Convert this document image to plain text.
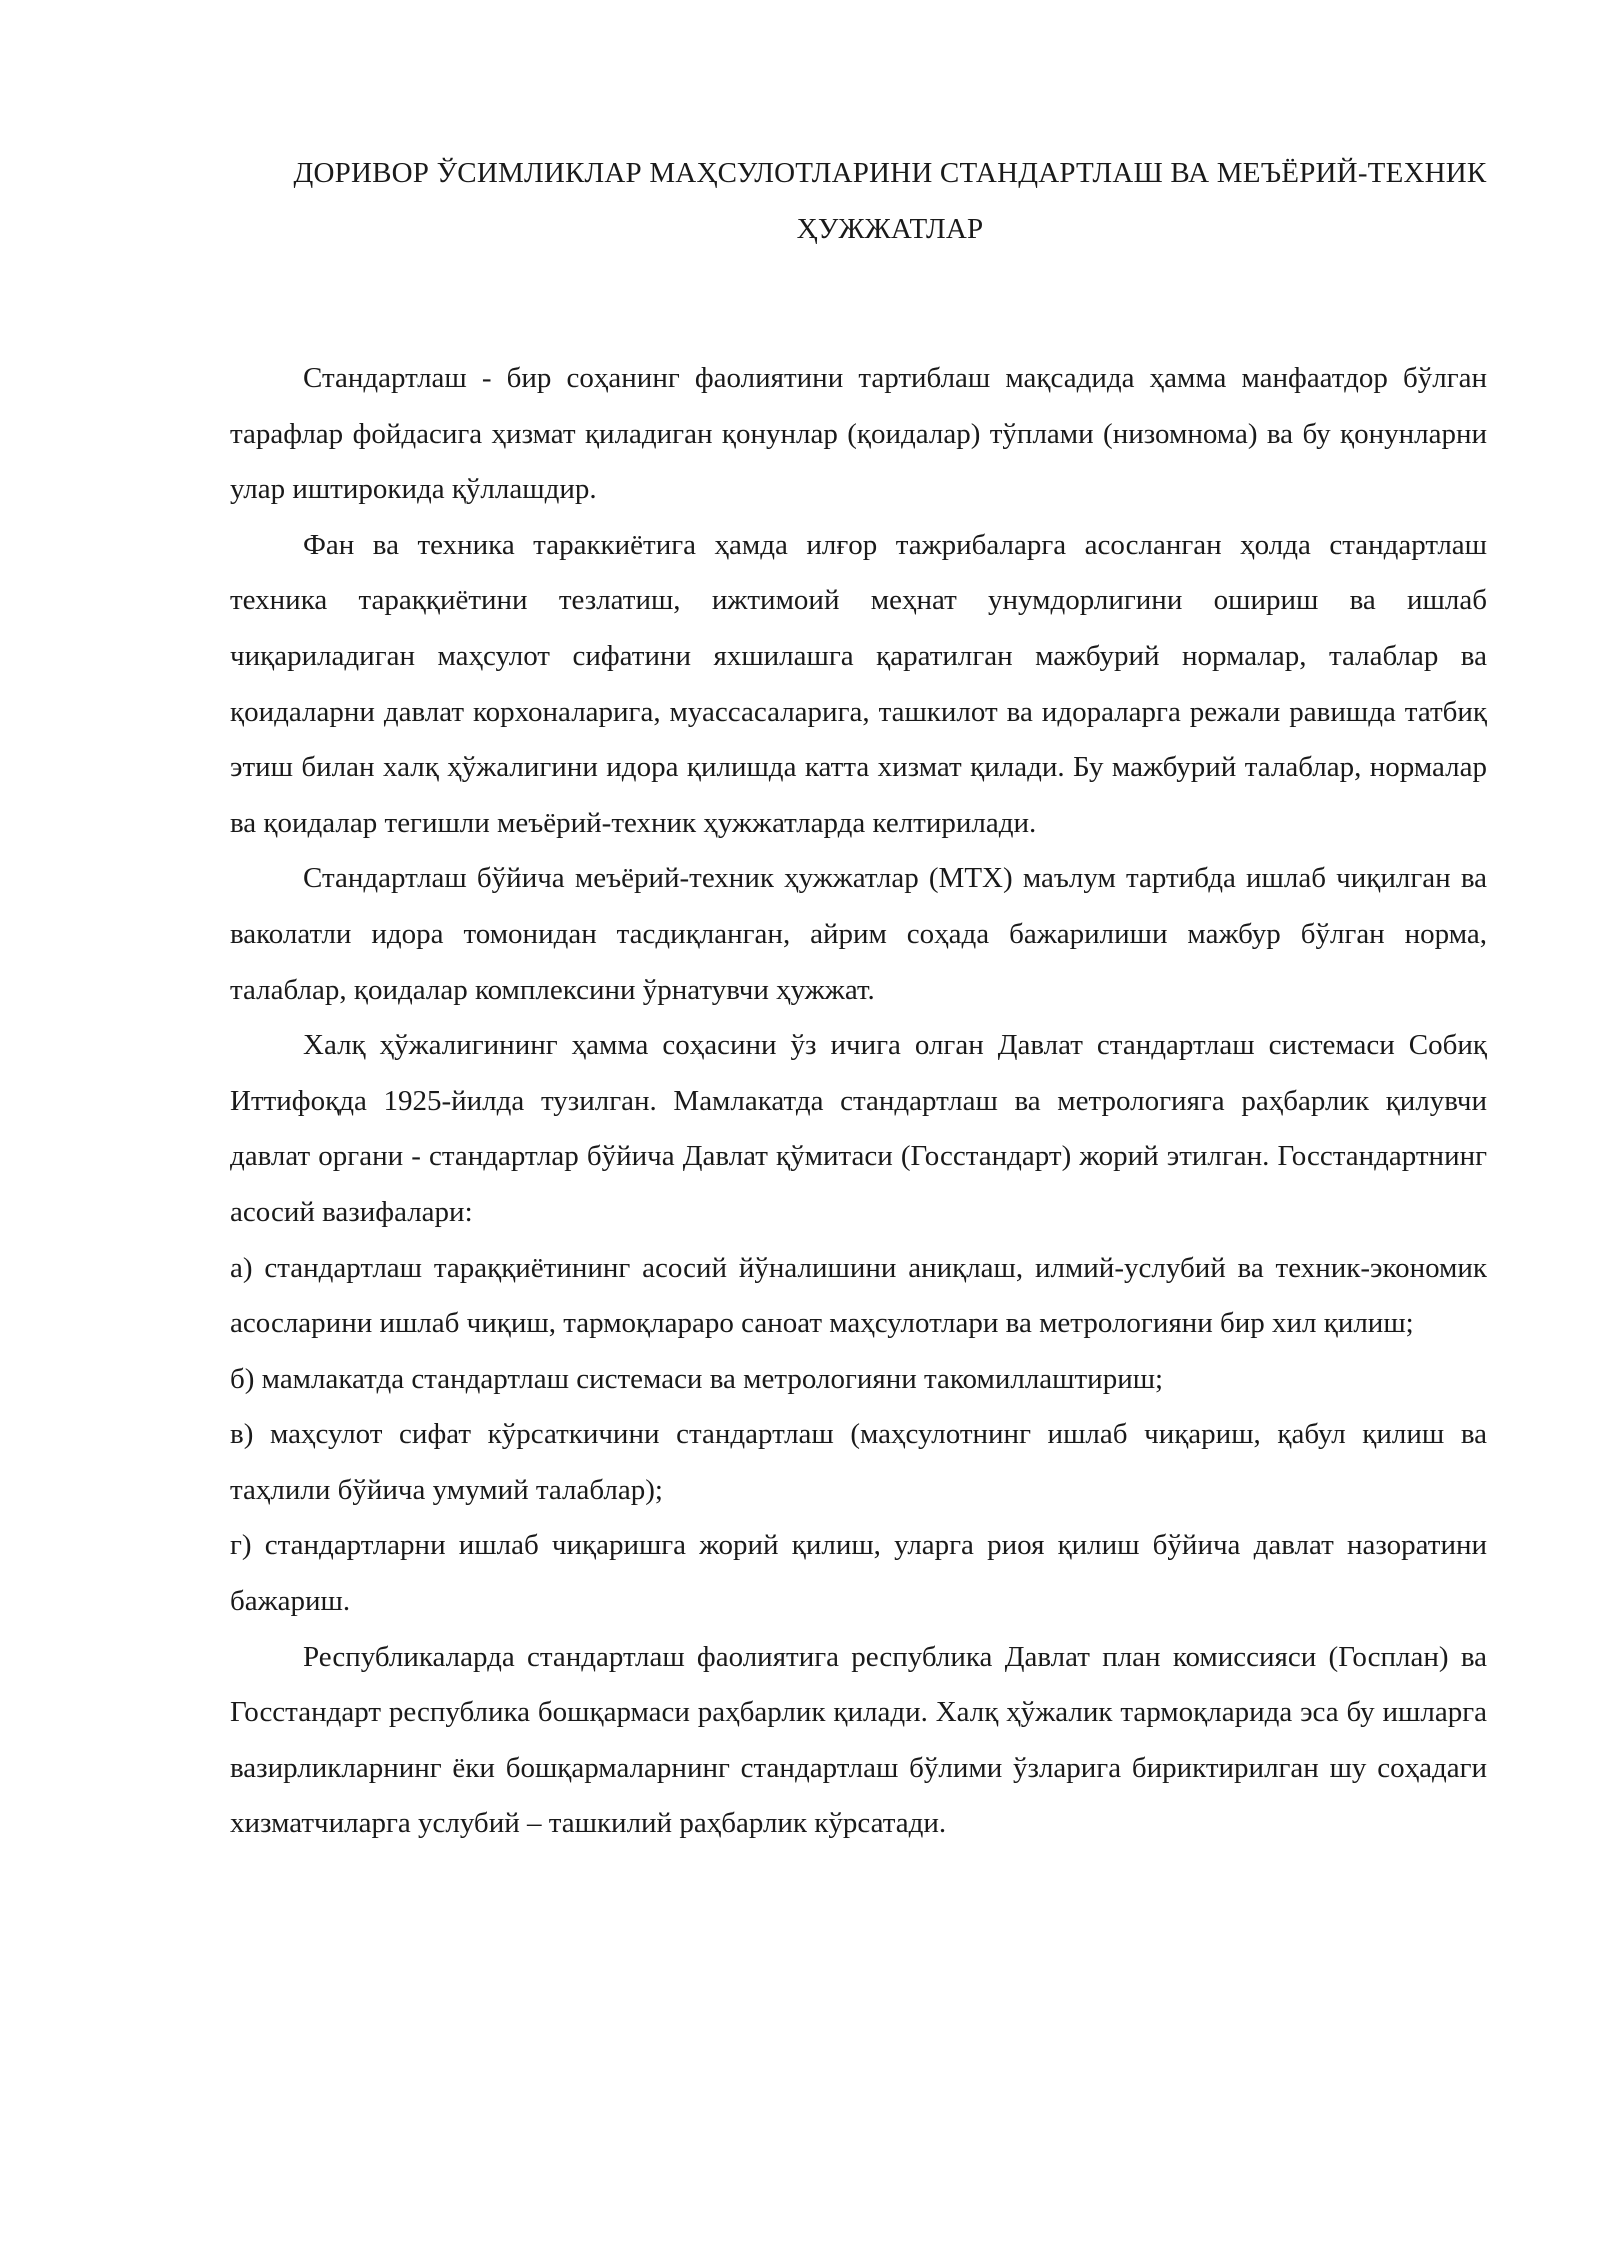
ДОРИВОР ЎСИМЛИКЛАР МАҲСУЛОТЛАРИНИ СТАНДАРТЛАШ ВА МЕЪЁРИЙ-ТЕХНИК ҲУЖЖАТЛАР

Стандартлаш - бир соҳанинг фаолиятини тартиблаш мақсадида ҳамма манфаатдор бўлган тарафлар фойдасига ҳизмат қиладиган қонунлар (қоидалар) тўплами (низомнома) ва бу қонунларни улар иштирокида қўллашдир.

Фан ва техника тараккиётига ҳамда илғор тажрибаларга асосланган ҳолда стандартлаш техника тараққиётини тезлатиш, ижтимоий меҳнат унумдорлигини ошириш ва ишлаб чиқариладиган маҳсулот сифатини яхшилашга қаратилган мажбурий нормалар, талаблар ва қоидаларни давлат корхоналарига, муассасаларига, ташкилот ва идораларга режали равишда татбиқ этиш билан халқ ҳўжалигини идора қилишда катта хизмат қилади. Бу мажбурий талаблар, нормалар ва қоидалар тегишли меъёрий-техник ҳужжатларда келтирилади.

Стандартлаш бўйича меъёрий-техник ҳужжатлар (МТХ) маълум тартибда ишлаб чиқилган ва ваколатли идора томонидан тасдиқланган, айрим соҳада бажарилиши мажбур бўлган норма, талаблар, қоидалар комплексини ўрнатувчи ҳужжат.

Халқ ҳўжалигининг ҳамма соҳасини ўз ичига олган Давлат стандартлаш системаси Собиқ Иттифоқда 1925-йилда тузилган. Мамлакатда стандартлаш ва метрологияга раҳбарлик қилувчи давлат органи - стандартлар бўйича Давлат қўмитаси (Госстандарт) жорий этилган. Госстандартнинг асосий вазифалари:

а) стандартлаш тараққиётининг асосий йўналишини аниқлаш, илмий-услубий ва техник-экономик асосларини ишлаб чиқиш, тармоқлараро саноат маҳсулотлари ва метрологияни бир хил қилиш;

б) мамлакатда стандартлаш системаси ва метрологияни такомиллаштириш;

в) маҳсулот сифат кўрсаткичини стандартлаш (маҳсулотнинг ишлаб чиқариш, қабул қилиш ва таҳлили бўйича умумий талаблар);

г) стандартларни ишлаб чиқаришга жорий қилиш, уларга риоя қилиш бўйича давлат назоратини бажариш.

Республикаларда стандартлаш фаолиятига республика Давлат план комиссияси (Госплан) ва Госстандарт республика бошқармаси раҳбарлик қилади. Халқ ҳўжалик тармоқларида эса бу ишларга вазирликларнинг ёки бошқармаларнинг стандартлаш бўлими ўзларига бириктирилган шу соҳадаги хизматчиларга услубий – ташкилий раҳбарлик кўрсатади.
